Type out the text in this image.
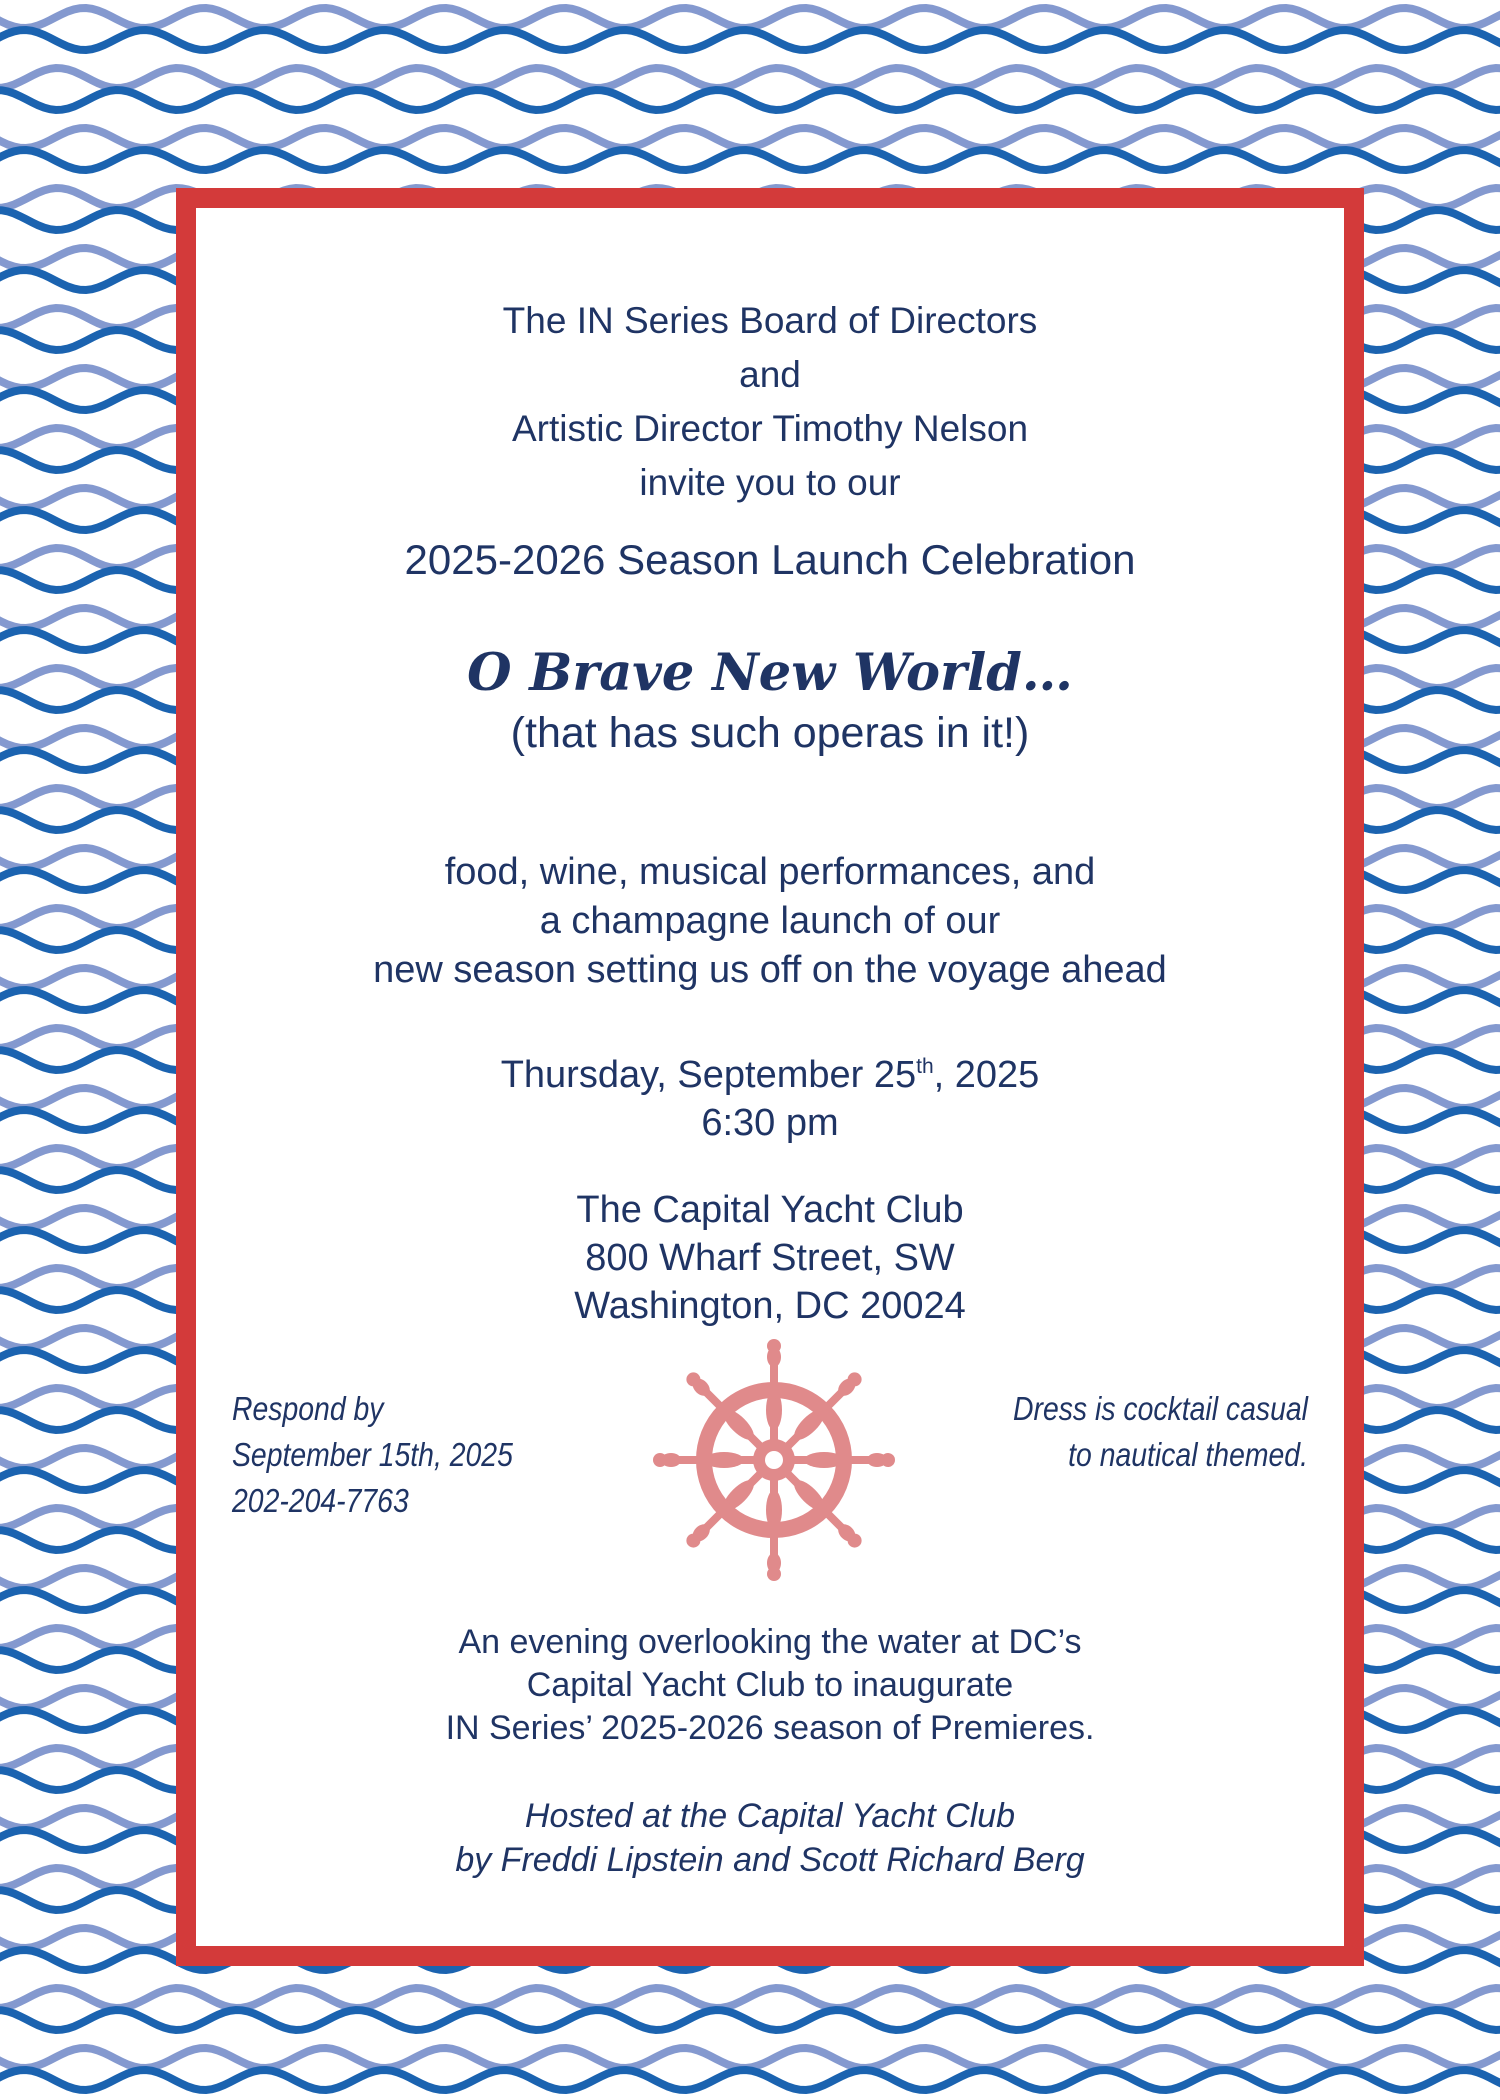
The IN Series Board of Directors
and
Artistic Director Timothy Nelson
invite you to our
2025-2026 Season Launch Celebration
O Brave New World…
(that has such operas in it!)
food, wine, musical performances, and
a champagne launch of our
new season setting us off on the voyage ahead
Thursday, September 25th, 2025
6:30 pm
The Capital Yacht Club
800 Wharf Street, SW
Washington, DC 20024
Respond by
September 15th, 2025
202-204-7763
Dress is cocktail casual
to nautical themed.
An evening overlooking the water at DC’s
Capital Yacht Club to inaugurate
IN Series’ 2025-2026 season of Premieres.
Hosted at the Capital Yacht Club
by Freddi Lipstein and Scott Richard Berg
